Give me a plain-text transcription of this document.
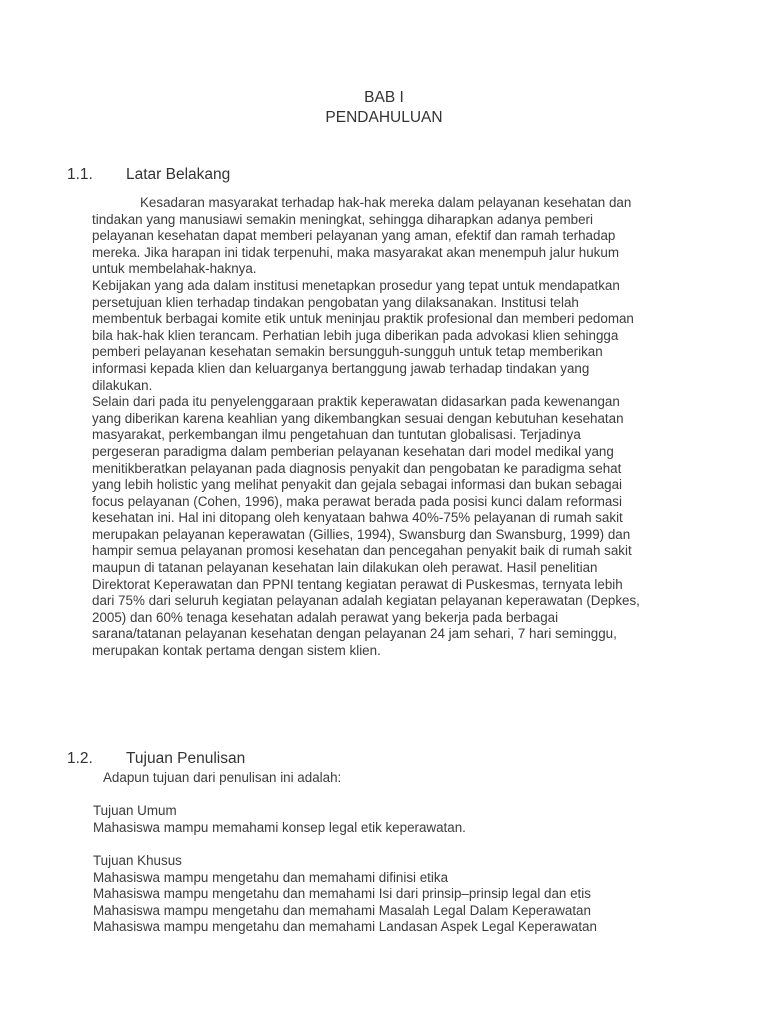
BAB I
PENDAHULUAN
1.1. Latar Belakang

Kesadaran masyarakat terhadap hak-hak mereka dalam pelayanan kesehatan dan
tindakan yang manusiawi semakin meningkat, sehingga diharapkan adanya pemberi
pelayanan kesehatan dapat memberi pelayanan yang aman, efektif dan ramah terhadap
mereka. Jika harapan ini tidak terpenuhi, maka masyarakat akan menempuh jalur hukum
untuk membelahak-haknya.

Kebijakan yang ada dalam institusi menetapkan prosedur yang tepat untuk mendapatkan
persetujuan klien terhadap tindakan pengobatan yang dilaksanakan. Institusi telah
membentuk berbagai komite etik untuk meninjau praktik profesional dan memberi pedoman
bila hak-hak klien terancam. Perhatian lebih juga diberikan pada advokasi klien sehingga
pemberi pelayanan kesehatan semakin bersungguh-sungguh untuk tetap memberikan
informasi kepada klien dan keluarganya bertanggung jawab terhadap tindakan yang
dilakukan.

Selain dari pada itu penyelenggaraan praktik keperawatan didasarkan pada kewenangan
yang diberikan karena keahlian yang dikembangkan sesuai dengan kebutuhan kesehatan
masyarakat, perkembangan ilmu pengetahuan dan tuntutan globalisasi. Terjadinya
pergeseran paradigma dalam pemberian pelayanan kesehatan dari model medikal yang
menitikberatkan pelayanan pada diagnosis penyakit dan pengobatan ke paradigma sehat
yang lebih holistic yang melihat penyakit dan gejala sebagai informasi dan bukan sebagai
focus pelayanan (Cohen, 1996), maka perawat berada pada posisi kunci dalam reformasi
kesehatan ini. Hal ini ditopang oleh kenyataan bahwa 40%-75% pelayanan di rumah sakit
merupakan pelayanan keperawatan (Gillies, 1994), Swansburg dan Swansburg, 1999) dan
hampir semua pelayanan promosi kesehatan dan pencegahan penyakit baik di rumah sakit
maupun di tatanan pelayanan kesehatan lain dilakukan oleh perawat. Hasil penelitian
Direktorat Keperawatan dan PPNI tentang kegiatan perawat di Puskesmas, ternyata lebih
dari 75% dari seluruh kegiatan pelayanan adalah kegiatan pelayanan keperawatan (Depkes,
2005) dan 60% tenaga kesehatan adalah perawat yang bekerja pada berbagai
sarana/tatanan pelayanan kesehatan dengan pelayanan 24 jam sehari, 7 hari seminggu,
merupakan kontak pertama dengan sistem klien.

1.2. Tujuan Penulisan
Adapun tujuan dari penulisan ini adalah:
Tujuan Umum
Mahasiswa mampu memahami konsep legal etik keperawatan.
Tujuan Khusus
Mahasiswa mampu mengetahu dan memahami difinisi etika
Mahasiswa mampu mengetahu dan memahami Isi dari prinsip–prinsip legal dan etis
Mahasiswa mampu mengetahu dan memahami Masalah Legal Dalam Keperawatan
Mahasiswa mampu mengetahu dan memahami Landasan Aspek Legal Keperawatan
